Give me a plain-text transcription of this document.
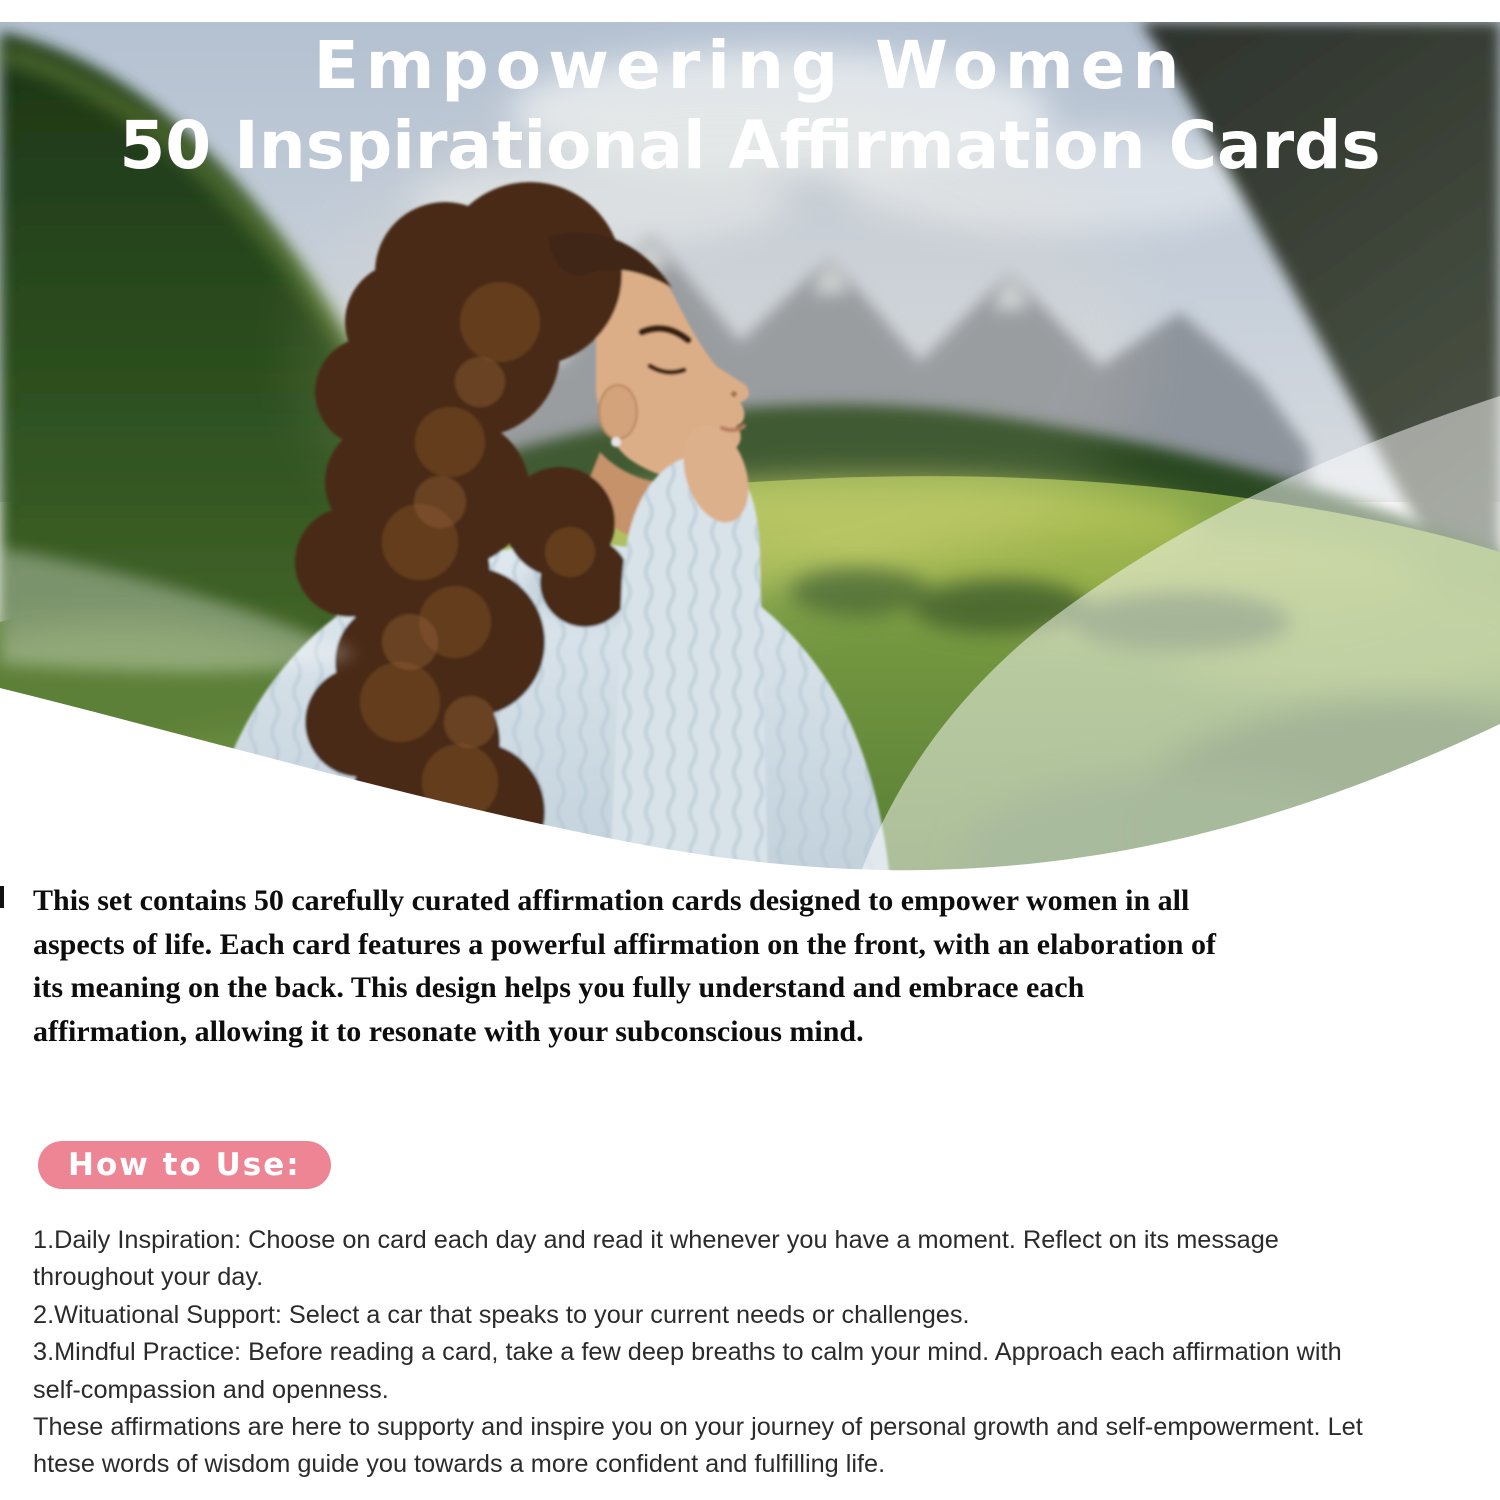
Empowering Women
50 Inspirational Affirmation Cards
This set contains 50 carefully curated affirmation cards designed to empower women in all
aspects of life. Each card features a powerful affirmation on the front, with an elaboration of
its meaning on the back. This design helps you fully understand and embrace each
affirmation, allowing it to resonate with your subconscious mind.
How to Use:
1.Daily Inspiration: Choose on card each day and read it whenever you have a moment. Reflect on its message
throughout your day.
2.Wituational Support: Select a car that speaks to your current needs or challenges.
3.Mindful Practice: Before reading a card, take a few deep breaths to calm your mind. Approach each affirmation with
self-compassion and openness.
These affirmations are here to supporty and inspire you on your journey of personal growth and self-empowerment. Let
htese words of wisdom guide you towards a more confident and fulfilling life.
